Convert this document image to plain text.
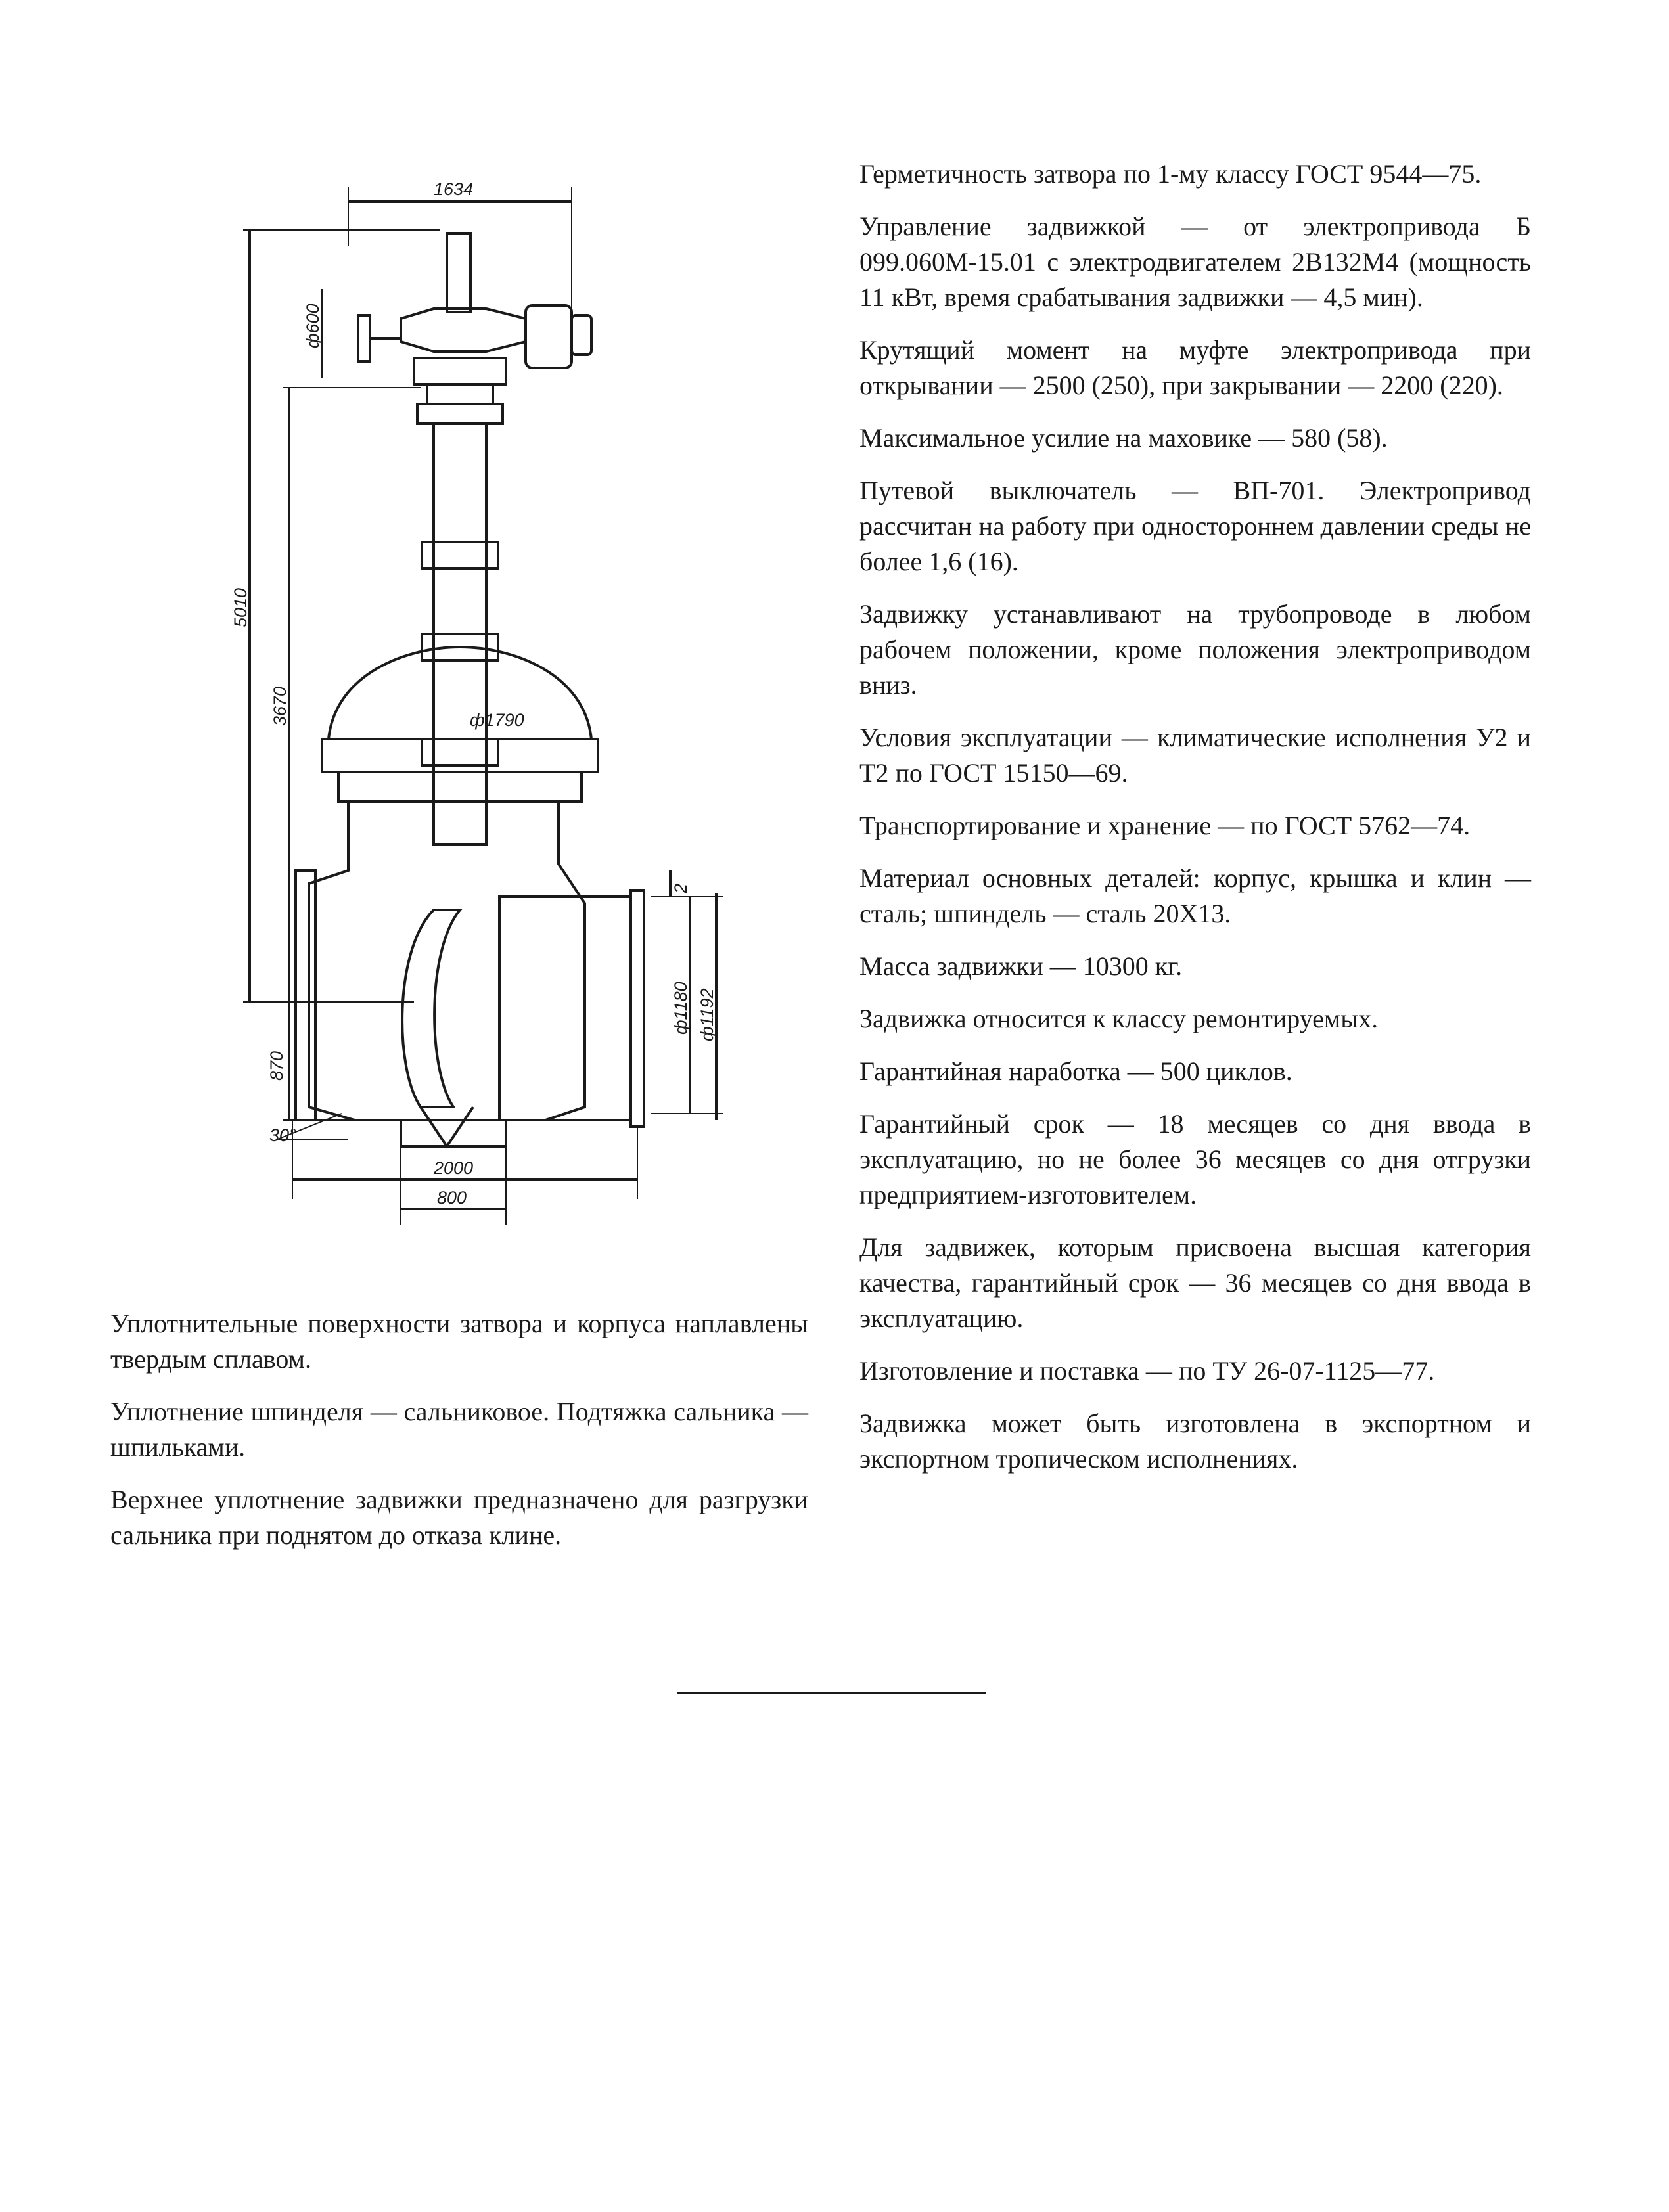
1634
ф600
5010
3670	ф1790
2
ф1180 ф1192
870
30°
2000
800

Герметичность затвора по 1-му классу ГОСТ 9544—75.

Управление задвижкой — от электропривода Б 099.060М-15.01 с электродвигателем 2В132М4 (мощность 11 кВт, время срабатывания задвижки — 4,5 мин).

Крутящий момент на муфте электропривода при открывании — 2500 (250), при закрывании — 2200 (220).

Максимальное усилие на маховике — 580 (58).

Путевой выключатель — ВП-701. Электропривод рассчитан на работу при одностороннем давлении среды не более 1,6 (16).

Задвижку устанавливают на трубопроводе в любом рабочем положении, кроме положения электроприводом вниз.

Условия эксплуатации — климатические исполнения У2 и Т2 по ГОСТ 15150—69.

Транспортирование и хранение — по ГОСТ 5762—74.

Материал основных деталей: корпус, крышка и клин — сталь; шпиндель — сталь 20Х13.

Масса задвижки — 10300 кг.

Задвижка относится к классу ремонтируемых.

Гарантийная наработка — 500 циклов.

Гарантийный срок — 18 месяцев со дня ввода в эксплуатацию, но не более 36 месяцев со дня отгрузки предприятием-изготовителем.

Для задвижек, которым присвоена высшая категория качества, гарантийный срок — 36 месяцев со дня ввода в эксплуатацию.

Изготовление и поставка — по ТУ 26-07-1125—77.

Задвижка может быть изготовлена в экспортном и экспортном тропическом исполнениях.

Уплотнительные поверхности затвора и корпуса наплавлены твердым сплавом.

Уплотнение шпинделя — сальниковое. Подтяжка сальника — шпильками.

Верхнее уплотнение задвижки предназначено для разгрузки сальника при поднятом до отказа клине.
